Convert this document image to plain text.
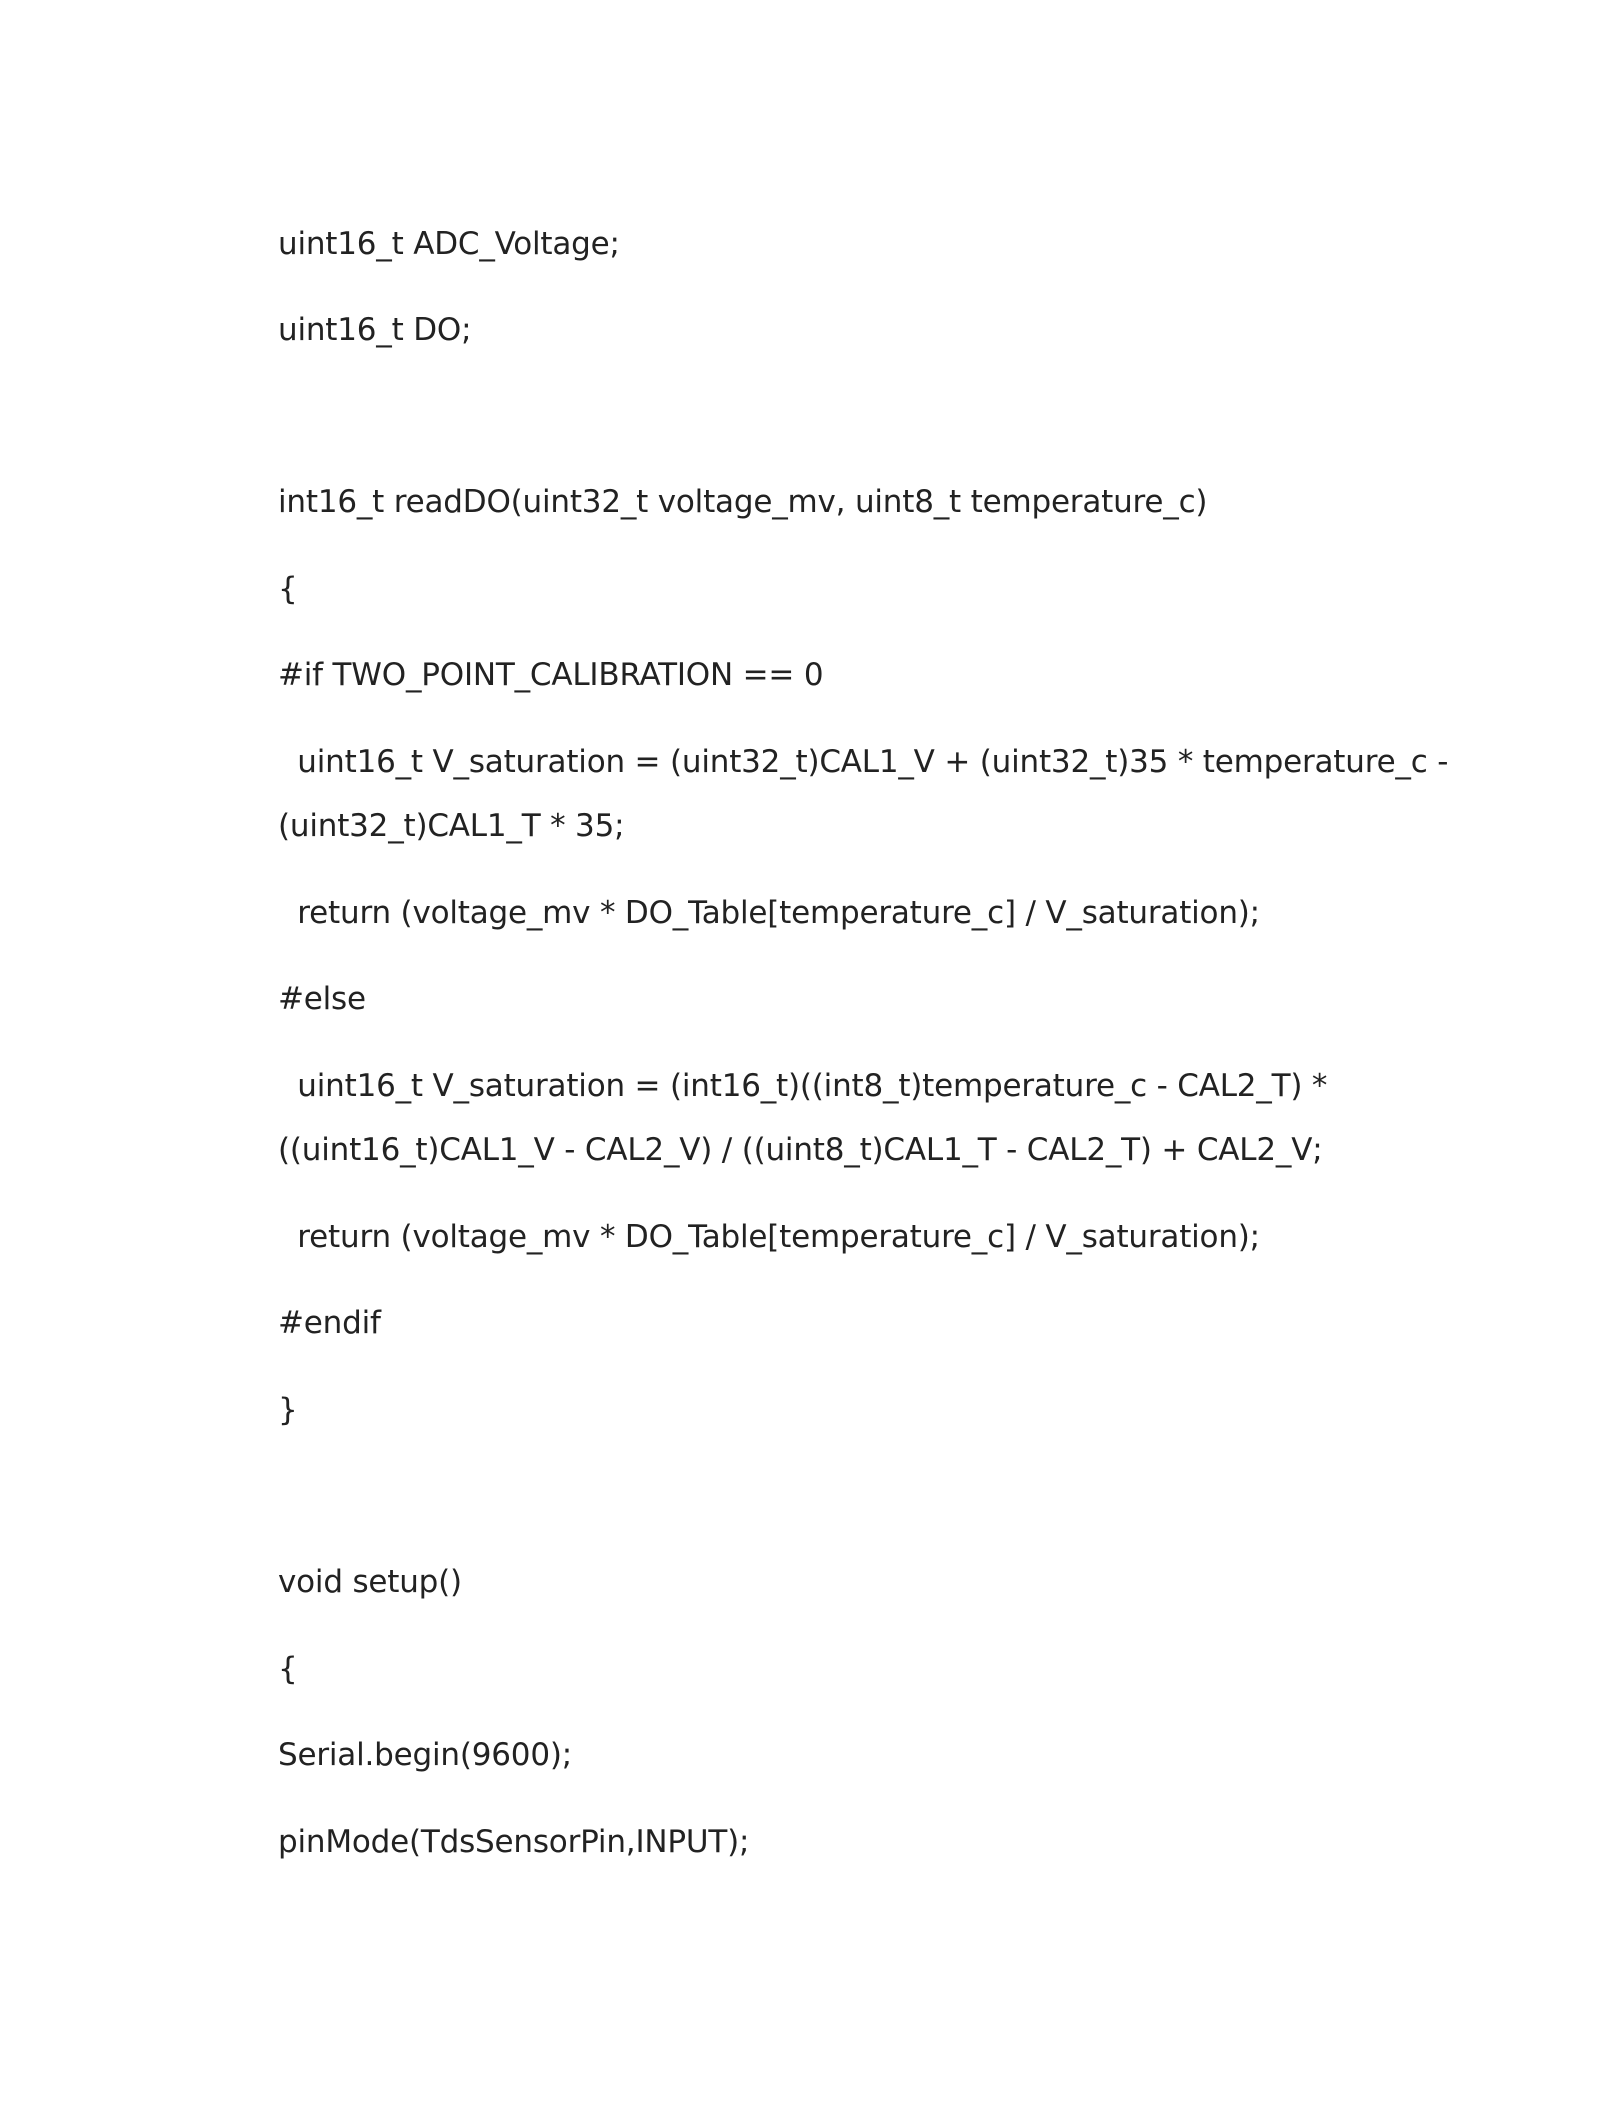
uint16_t ADC_Voltage;
uint16_t DO;
int16_t readDO(uint32_t voltage_mv, uint8_t temperature_c)
{
#if TWO_POINT_CALIBRATION == 0
uint16_t V_saturation = (uint32_t)CAL1_V + (uint32_t)35 * temperature_c -
(uint32_t)CAL1_T * 35;
return (voltage_mv * DO_Table[temperature_c] / V_saturation);
#else
uint16_t V_saturation = (int16_t)((int8_t)temperature_c - CAL2_T) *
((uint16_t)CAL1_V - CAL2_V) / ((uint8_t)CAL1_T - CAL2_T) + CAL2_V;
return (voltage_mv * DO_Table[temperature_c] / V_saturation);
#endif
}
void setup()
{
Serial.begin(9600);
pinMode(TdsSensorPin,INPUT);
